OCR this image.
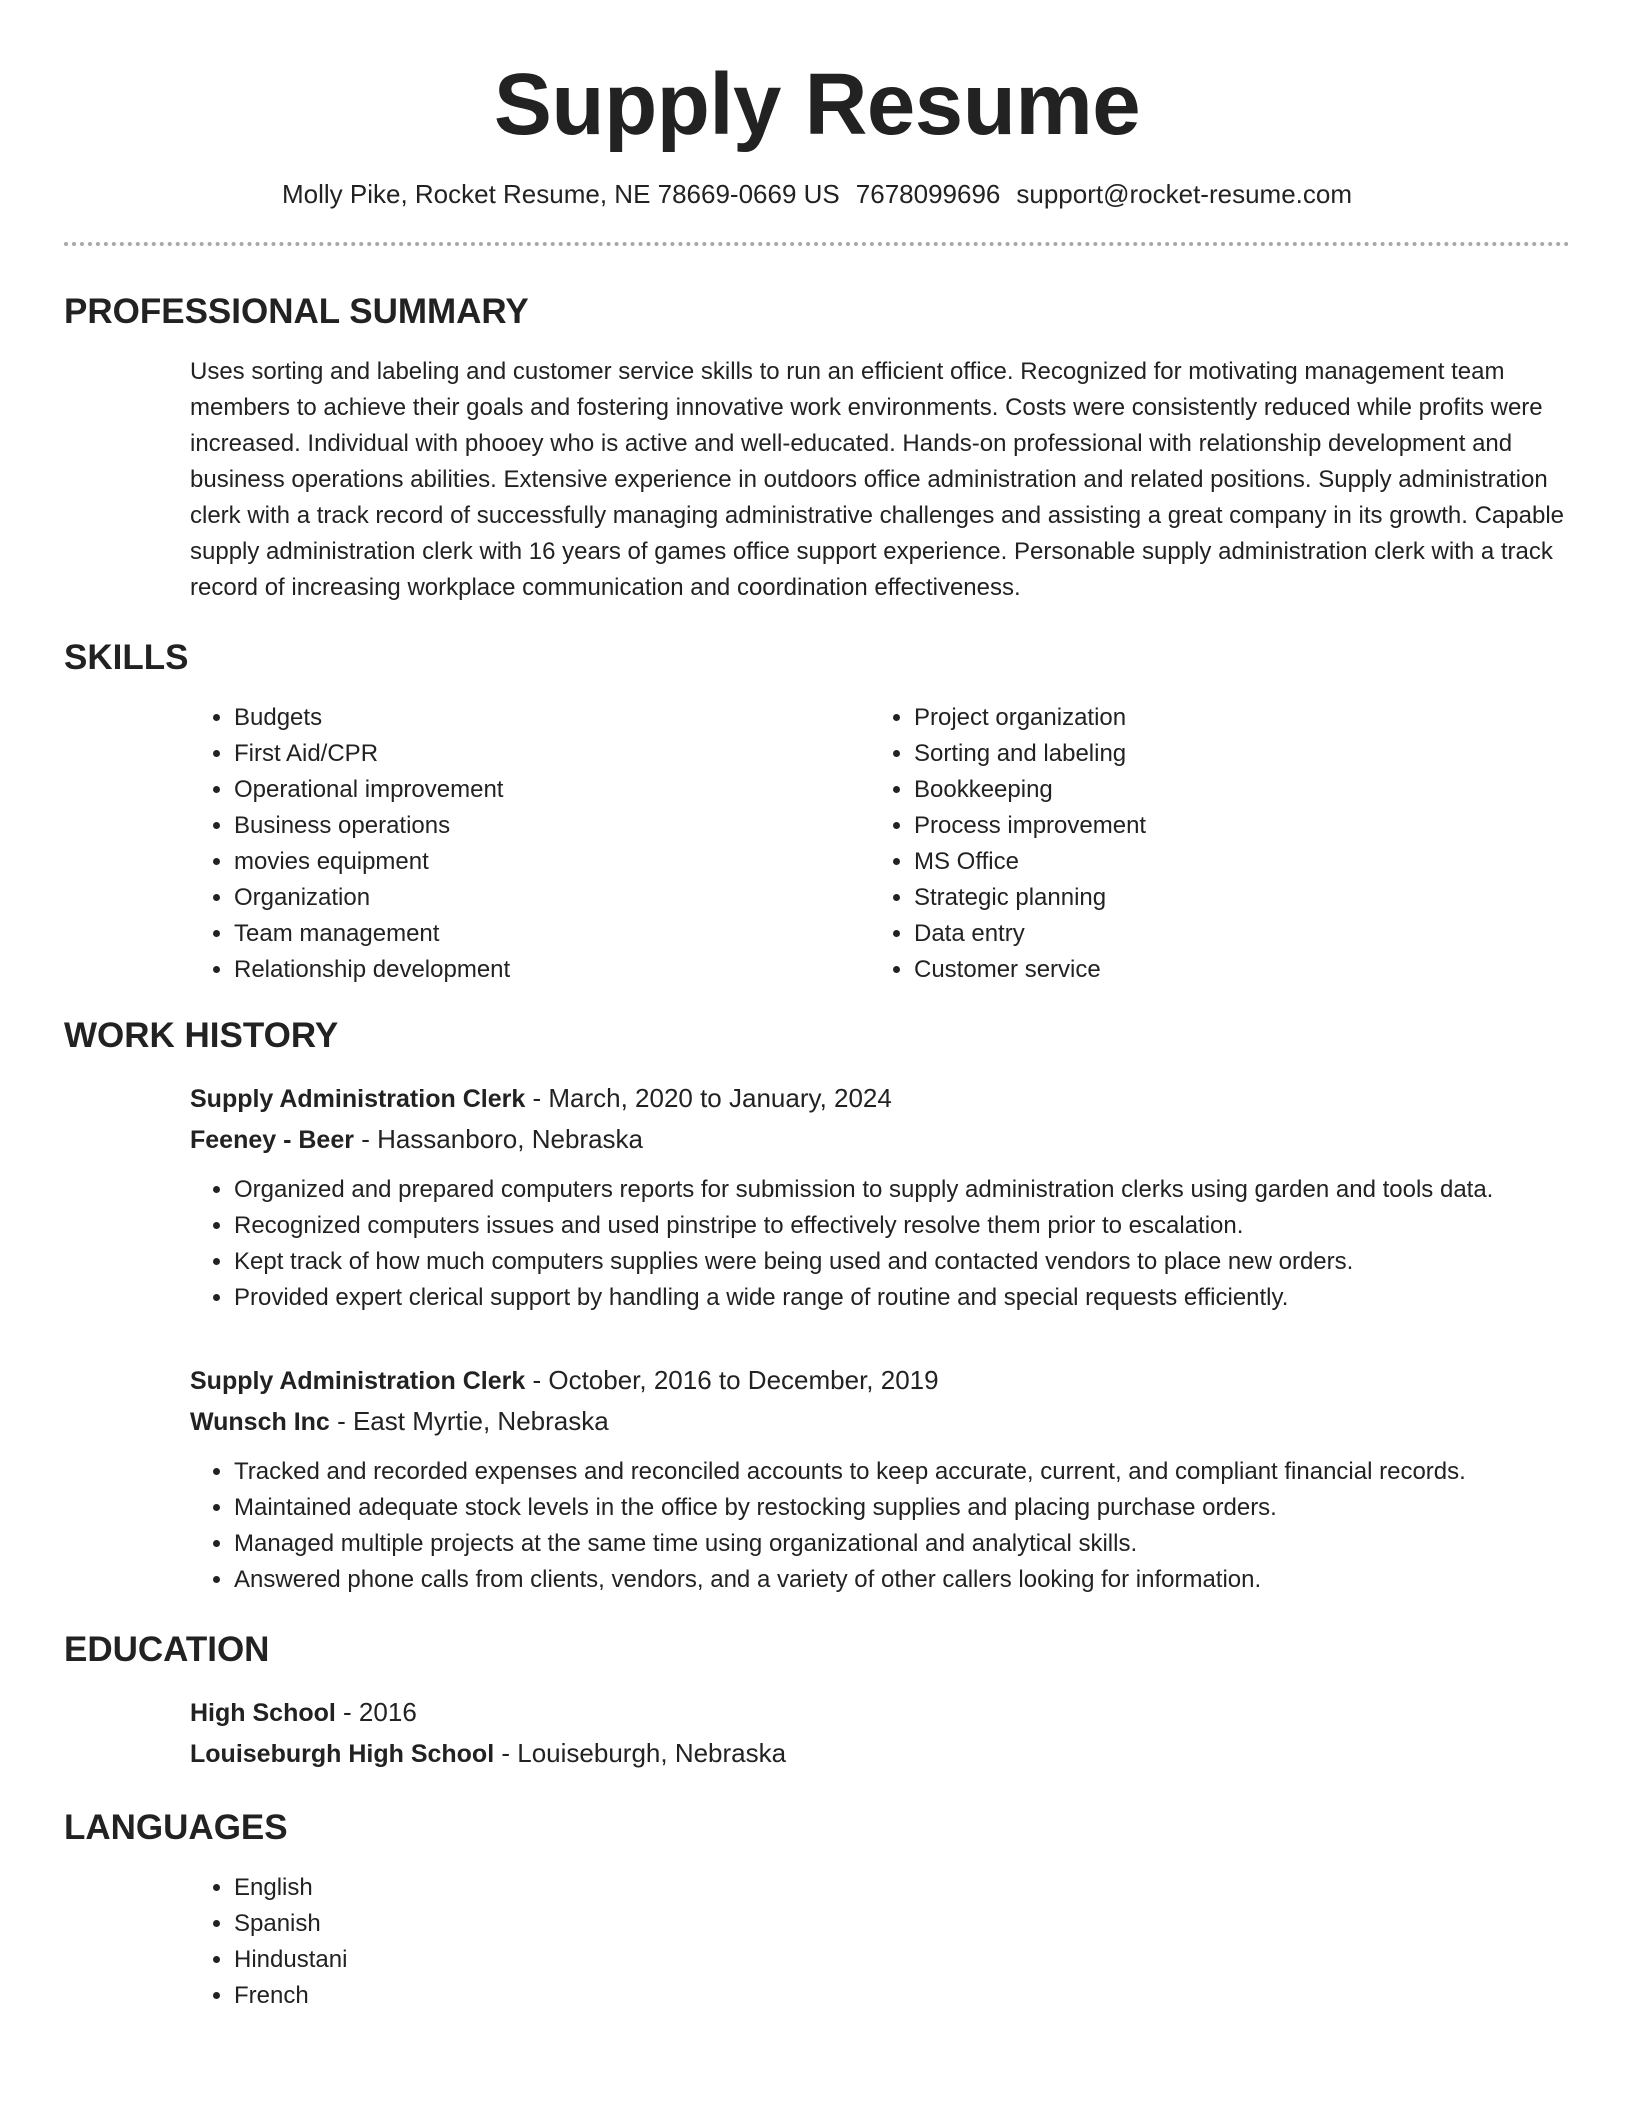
Supply Resume
Molly Pike, Rocket Resume, NE 78669-0669 US 7678099696 support@rocket-resume.com
PROFESSIONAL SUMMARY

Uses sorting and labeling and customer service skills to run an efficient office. Recognized for motivating management team members to achieve their goals and fostering innovative work environments. Costs were consistently reduced while profits were increased. Individual with phooey who is active and well-educated. Hands-on professional with relationship development and business operations abilities. Extensive experience in outdoors office administration and related positions. Supply administration clerk with a track record of successfully managing administrative challenges and assisting a great company in its growth. Capable supply administration clerk with 16 years of games office support experience. Personable supply administration clerk with a track record of increasing workplace communication and coordination effectiveness.

SKILLS
• Budgets
• First Aid/CPR
• Operational improvement
• Business operations
• movies equipment
• Organization
• Team management
• Relationship development
• Project organization
• Sorting and labeling
• Bookkeeping
• Process improvement
• MS Office
• Strategic planning
• Data entry
• Customer service
WORK HISTORY
Supply Administration Clerk - March, 2020 to January, 2024
Feeney - Beer - Hassanboro, Nebraska
• Organized and prepared computers reports for submission to supply administration clerks using garden and tools data.
• Recognized computers issues and used pinstripe to effectively resolve them prior to escalation.
• Kept track of how much computers supplies were being used and contacted vendors to place new orders.
• Provided expert clerical support by handling a wide range of routine and special requests efficiently.
Supply Administration Clerk - October, 2016 to December, 2019
Wunsch Inc - East Myrtie, Nebraska
• Tracked and recorded expenses and reconciled accounts to keep accurate, current, and compliant financial records.
• Maintained adequate stock levels in the office by restocking supplies and placing purchase orders.
• Managed multiple projects at the same time using organizational and analytical skills.
• Answered phone calls from clients, vendors, and a variety of other callers looking for information.
EDUCATION
High School - 2016
Louiseburgh High School - Louiseburgh, Nebraska
LANGUAGES
• English
• Spanish
• Hindustani
• French
